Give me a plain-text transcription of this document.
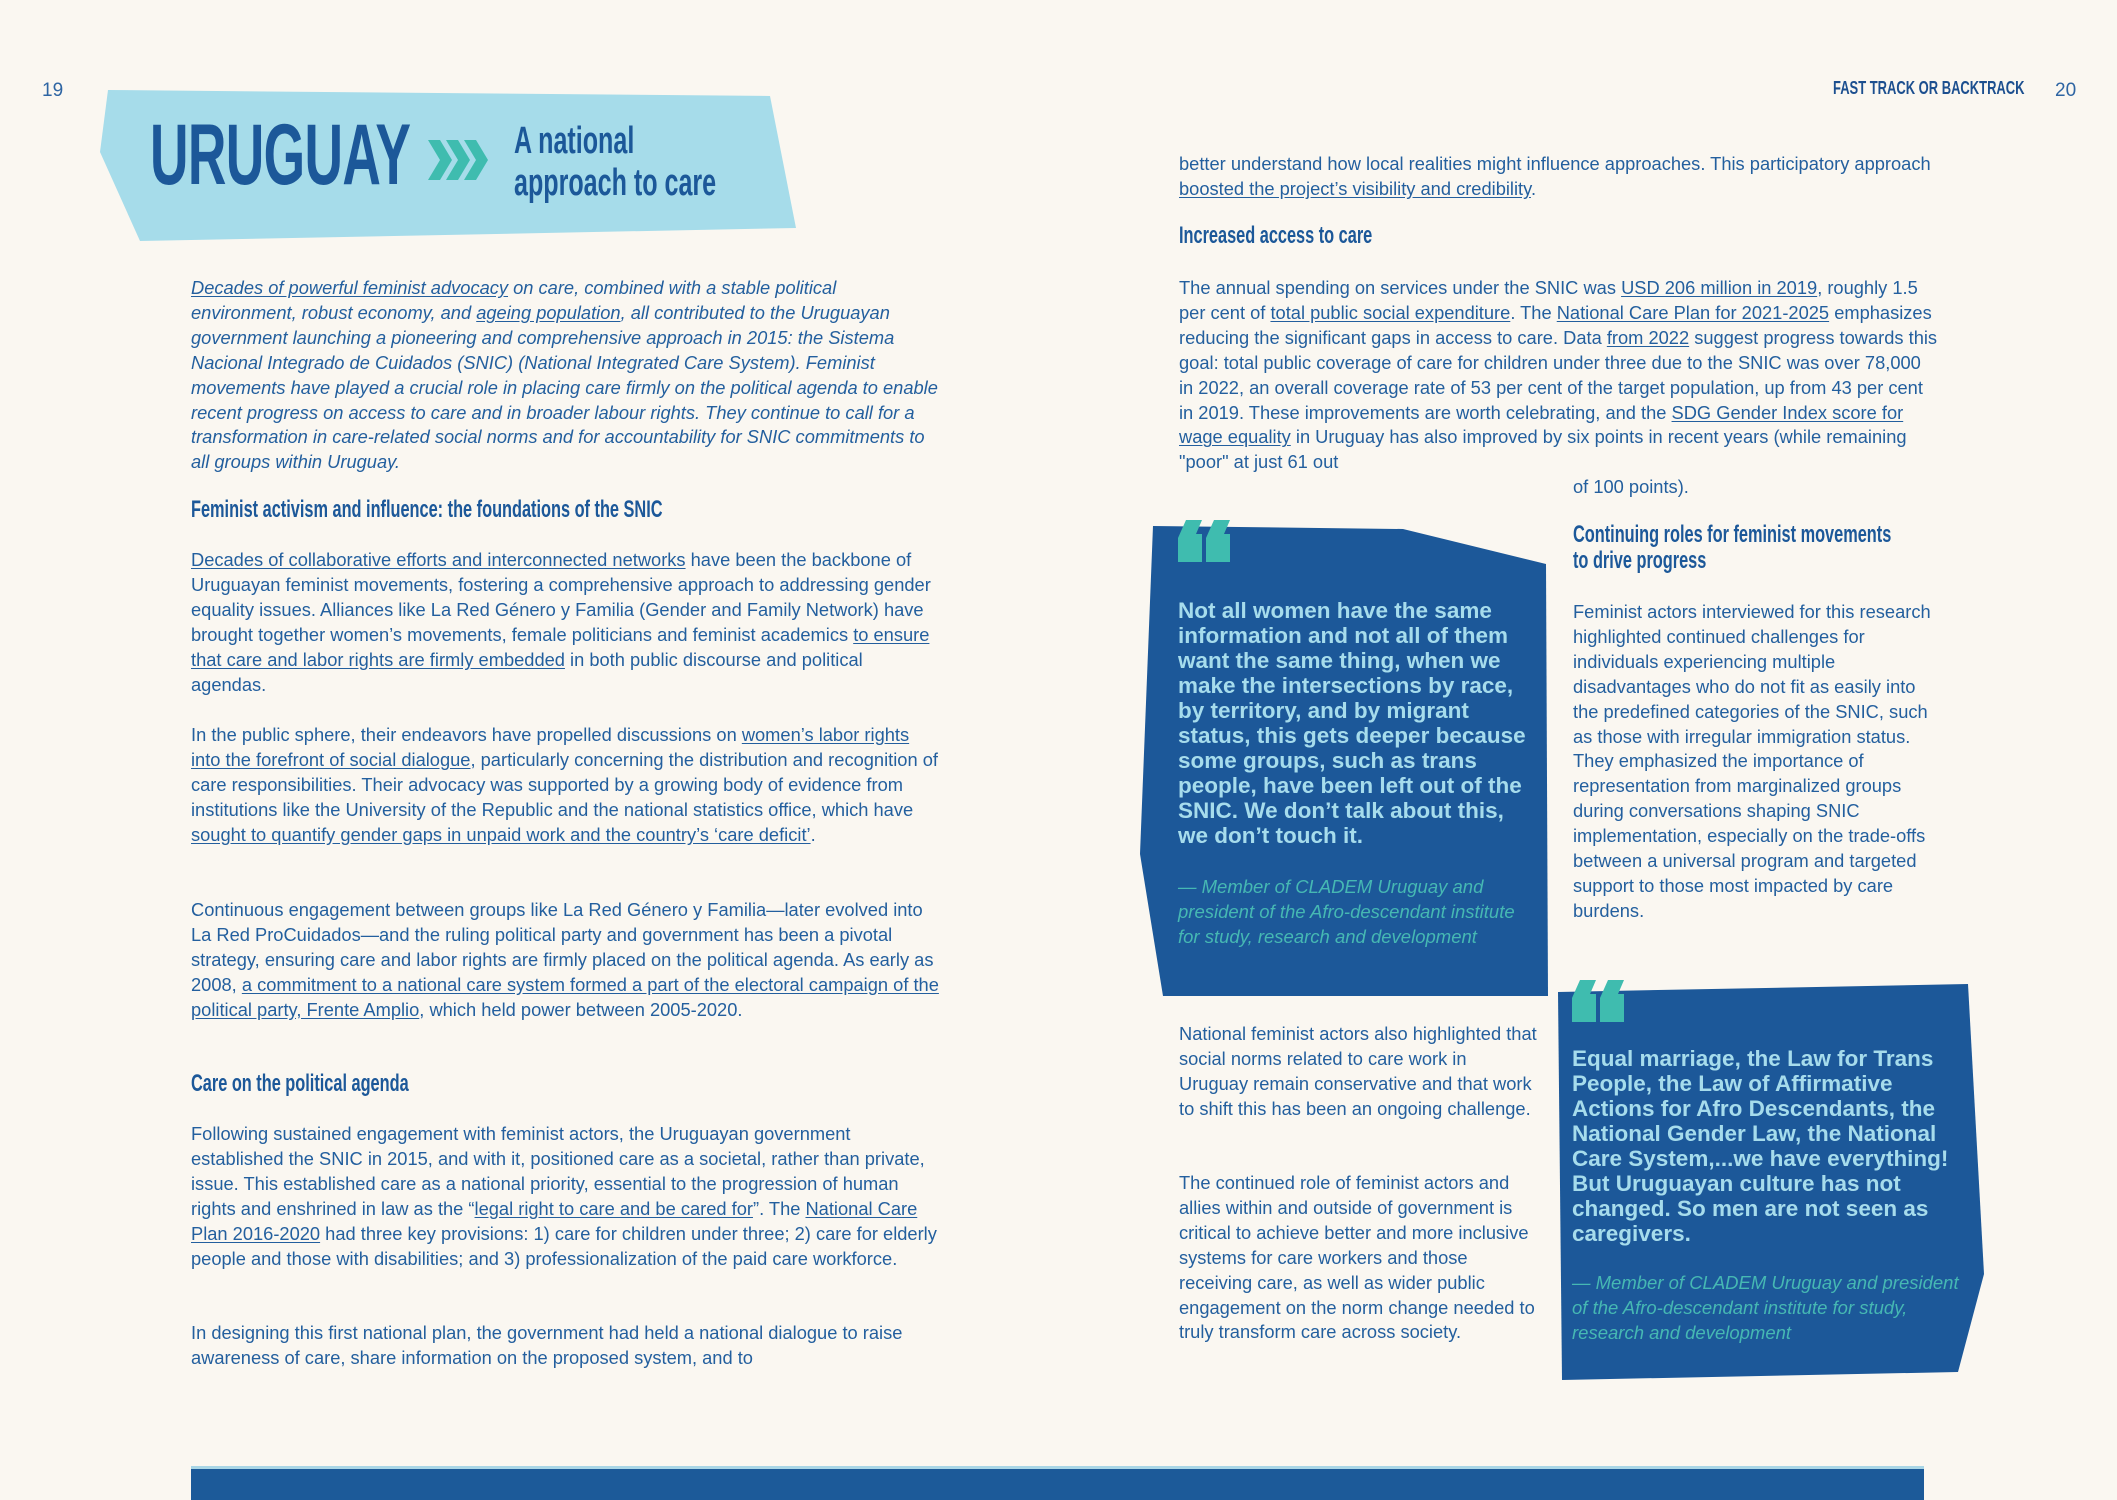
19	FAST TRACK OR BACKTRACK 20
URUGUAY	A national
approach to care
Decades of powerful feminist advocacy on care, combined with a stable political environment, robust economy, and ageing population, all contributed to the Uruguayan government launching a pioneering and comprehensive approach in 2015: the Sistema Nacional Integrado de Cuidados (SNIC) (National Integrated Care System). Feminist movements have played a crucial role in placing care firmly on the political agenda to enable recent progress on access to care and in broader labour rights. They continue to call for a transformation in care-related social norms and for accountability for SNIC commitments to all groups within Uruguay.
Feminist activism and influence: the foundations of the SNIC
Decades of collaborative efforts and interconnected networks have been the backbone of Uruguayan feminist movements, fostering a comprehensive approach to addressing gender equality issues. Alliances like La Red Género y Familia (Gender and Family Network) have brought together women’s movements, female politicians and feminist academics to ensure that care and labor rights are firmly embedded in both public discourse and political agendas.
In the public sphere, their endeavors have propelled discussions on women’s labor rights into the forefront of social dialogue, particularly concerning the distribution and recognition of care responsibilities. Their advocacy was supported by a growing body of evidence from institutions like the University of the Republic and the national statistics office, which have sought to quantify gender gaps in unpaid work and the country’s ‘care deficit’.
Continuous engagement between groups like La Red Género y Familia—later evolved into La Red ProCuidados—and the ruling political party and government has been a pivotal strategy, ensuring care and labor rights are firmly placed on the political agenda. As early as 2008, a commitment to a national care system formed a part of the electoral campaign of the political party, Frente Amplio, which held power between 2005-2020.
Care on the political agenda
Following sustained engagement with feminist actors, the Uruguayan government established the SNIC in 2015, and with it, positioned care as a societal, rather than private, issue. This established care as a national priority, essential to the progression of human rights and enshrined in law as the “legal right to care and be cared for”. The National Care Plan 2016-2020 had three key provisions: 1) care for children under three; 2) care for elderly people and those with disabilities; and 3) professionalization of the paid care workforce.
In designing this first national plan, the government had held a national dialogue to raise awareness of care, share information on the proposed system, and to
better understand how local realities might influence approaches. This participatory approach boosted the project’s visibility and credibility.
Increased access to care
The annual spending on services under the SNIC was USD 206 million in 2019, roughly 1.5 per cent of total public social expenditure. The National Care Plan for 2021-2025 emphasizes reducing the significant gaps in access to care. Data from 2022 suggest progress towards this goal: total public coverage of care for children under three due to the SNIC was over 78,000 in 2022, an overall coverage rate of 53 per cent of the target population, up from 43 per cent in 2019. These improvements are worth celebrating, and the SDG Gender Index score for wage equality in Uruguay has also improved by six points in recent years (while remaining "poor" at just 61 out
of 100 points).
Not all women have the same information and not all of them want the same thing, when we make the intersections by race, by territory, and by migrant status, this gets deeper because some groups, such as trans people, have been left out of the SNIC. We don’t talk about this, we don’t touch it.
— Member of CLADEM Uruguay and president of the Afro-descendant institute for study, research and development
Continuing roles for feminist movements
to drive progress
Feminist actors interviewed for this research highlighted continued challenges for individuals experiencing multiple disadvantages who do not fit as easily into the predefined categories of the SNIC, such as those with irregular immigration status. They emphasized the importance of representation from marginalized groups during conversations shaping SNIC implementation, especially on the trade-offs between a universal program and targeted support to those most impacted by care burdens.
National feminist actors also highlighted that social norms related to care work in Uruguay remain conservative and that work to shift this has been an ongoing challenge.
The continued role of feminist actors and allies within and outside of government is critical to achieve better and more inclusive systems for care workers and those receiving care, as well as wider public engagement on the norm change needed to truly transform care across society.
Equal marriage, the Law for Trans People, the Law of Affirmative Actions for Afro Descendants, the National Gender Law, the National Care System,...we have everything! But Uruguayan culture has not changed. So men are not seen as caregivers.
— Member of CLADEM Uruguay and president of the Afro-descendant institute for study, research and development
